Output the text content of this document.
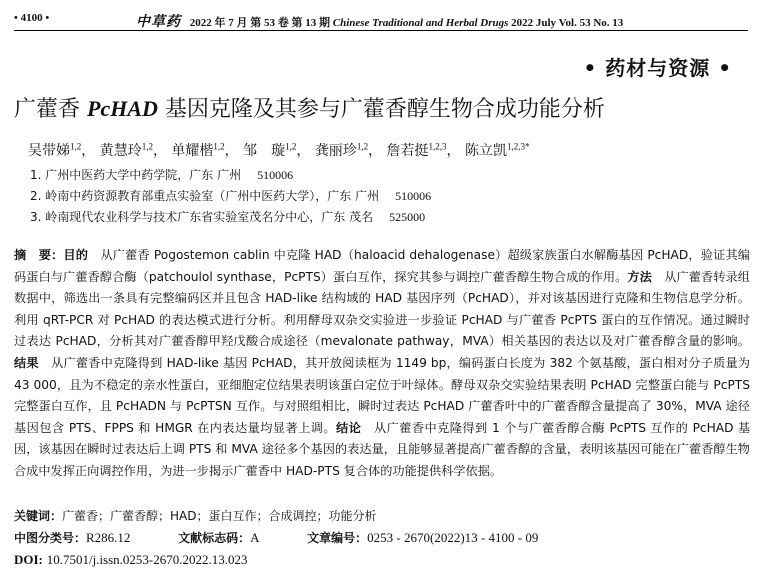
• 4100 •	中草药 2022 年 7 月 第 53 卷 第 13 期 Chinese Traditional and Herbal Drugs 2022 July Vol. 53 No. 13
• 药材与资源 •
广藿香 PcHAD 基因克隆及其参与广藿香醇生物合成功能分析
吴带娣$^{1,2}$， 黄慧玲$^{1,2}$， 单耀楷$^{1,2}$， 邹　璇$^{1,2}$， 龚丽珍$^{1,2}$， 詹若挺$^{1,2,3}$， 陈立凯$^{1,2,3*}$
1. 广州中医药大学中药学院，广东 广州 510006
2. 岭南中药资源教育部重点实验室（广州中医药大学），广东 广州 510006
3. 岭南现代农业科学与技术广东省实验室茂名分中心，广东 茂名 525000
摘　要：目的　从广藿香 Pogostemon cablin 中克隆 HAD（haloacid dehalogenase）超级家族蛋白水解酶基因 PcHAD，验证其编码蛋白与广藿香醇合酶（patchoulol synthase，PcPTS）蛋白互作，探究其参与调控广藿香醇生物合成的作用。方法　从广藿香转录组数据中，筛选出一条具有完整编码区并且包含 HAD-like 结构域的 HAD 基因序列（PcHAD），并对该基因进行克隆和生物信息学分析。利用 qRT-PCR 对 PcHAD 的表达模式进行分析。利用酵母双杂交实验进一步验证 PcHAD 与广藿香 PcPTS 蛋白的互作情况。通过瞬时过表达 PcHAD，分析其对广藿香醇甲羟戊酸合成途径（mevalonate pathway，MVA）相关基因的表达以及对广藿香醇含量的影响。结果　从广藿香中克隆得到 HAD-like 基因 PcHAD，其开放阅读框为 1149 bp，编码蛋白长度为 382 个氨基酸，蛋白相对分子质量为 43 000，且为不稳定的亲水性蛋白，亚细胞定位结果表明该蛋白定位于叶绿体。酵母双杂交实验结果表明 PcHAD 完整蛋白能与 PcPTS 完整蛋白互作，且 PcHADN 与 PcPTSN 互作。与对照组相比，瞬时过表达 PcHAD 广藿香叶中的广藿香醇含量提高了 30%，MVA 途径基因包含 PTS、FPPS 和 HMGR 在内表达量均显著上调。结论　从广藿香中克隆得到 1 个与广藿香醇合酶 PcPTS 互作的 PcHAD 基因，该基因在瞬时过表达后上调 PTS 和 MVA 途径多个基因的表达量，且能够显著提高广藿香醇的含量，表明该基因可能在广藿香醇生物合成中发挥正向调控作用，为进一步揭示广藿香中 HAD-PTS 复合体的功能提供科学依据。
关键词：广藿香；广藿香醇；HAD；蛋白互作；合成调控；功能分析
中图分类号：R286.12	文献标志码：A	文章编号：0253 - 2670(2022)13 - 4100 - 09
DOI: 10.7501/j.issn.0253-2670.2022.13.023
